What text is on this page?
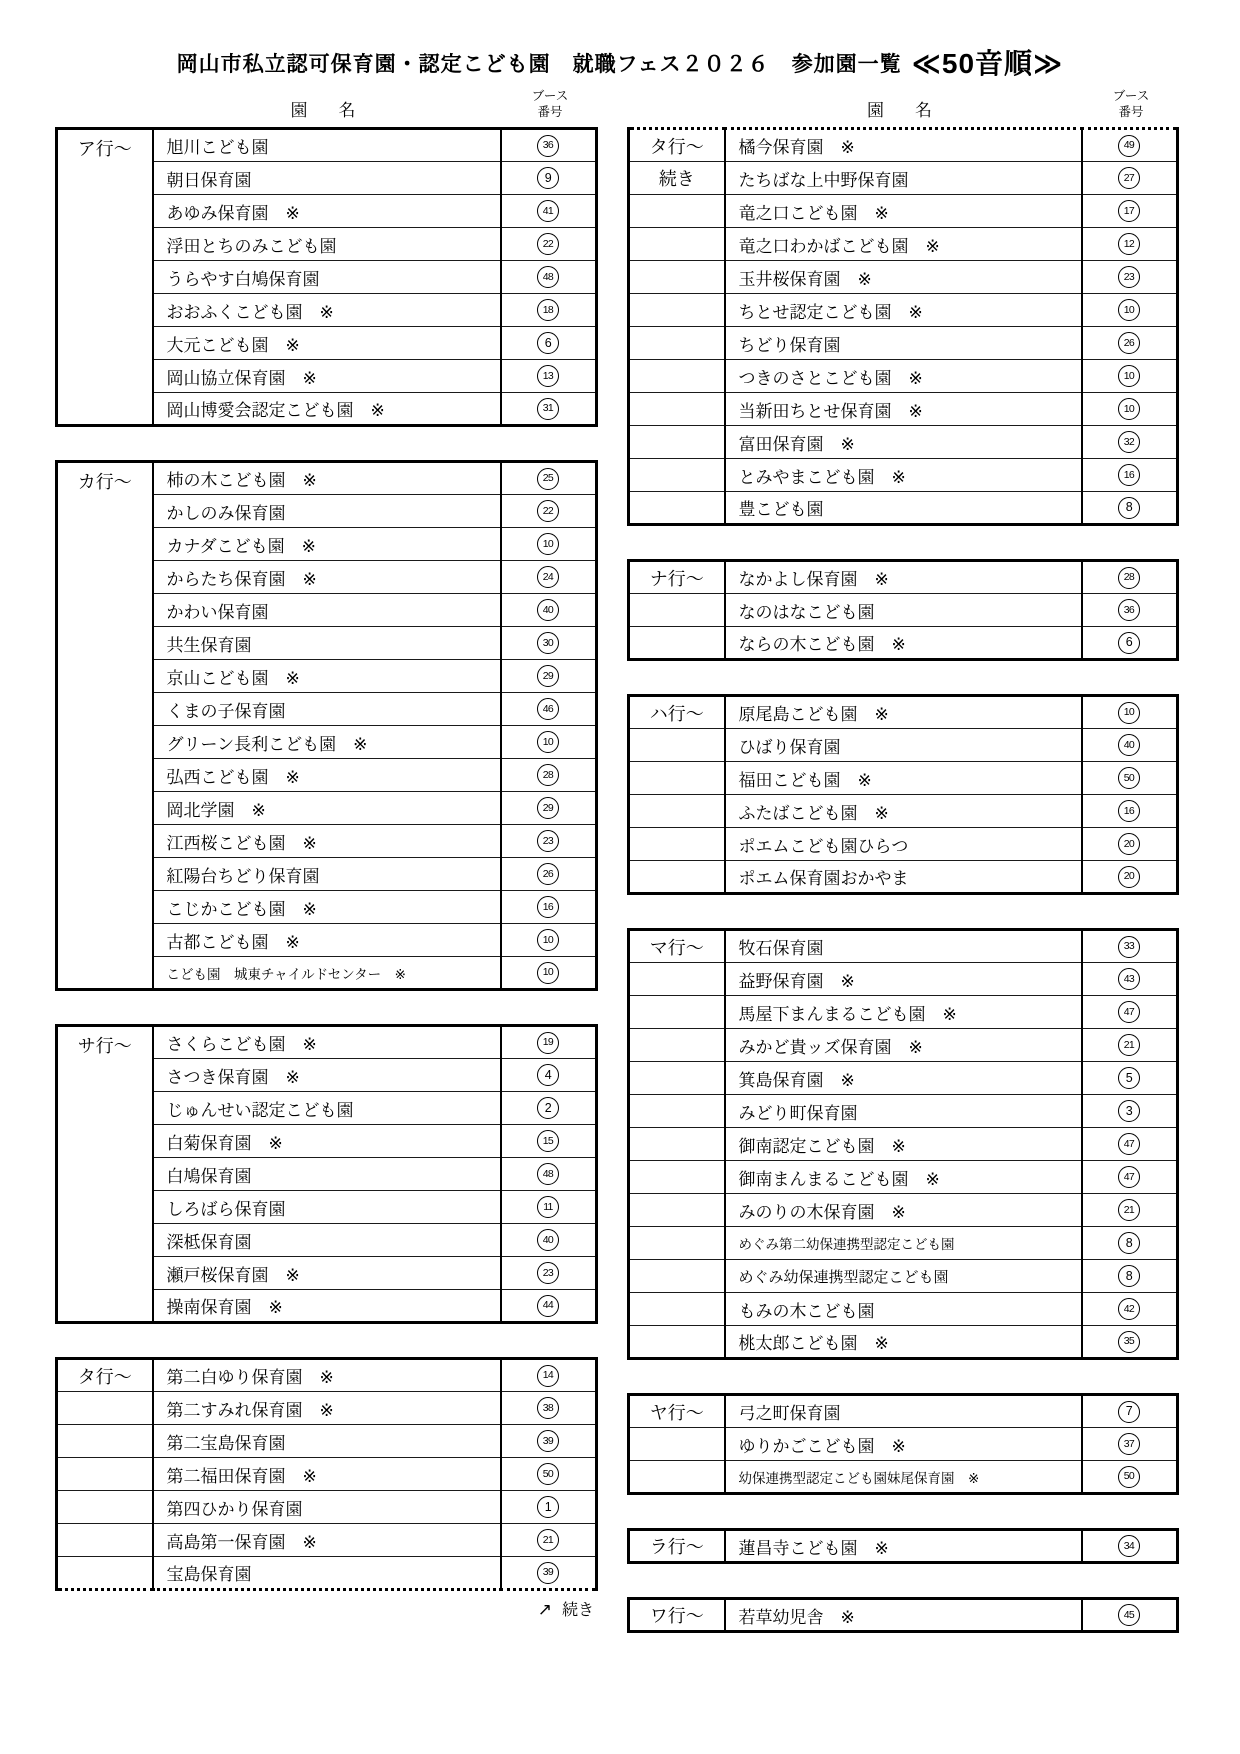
岡山市私立認可保育園・認定こども園　就職フェス２０２６　参加園一覧 ≪50音順≫
園　名
ブース
番号
ア行～	旭川こども園	36
	朝日保育園	9
	あゆみ保育園　※	41
	浮田とちのみこども園	22
	うらやす白鳩保育園	48
	おおふくこども園　※	18
	大元こども園　※	6
	岡山協立保育園　※	13
	岡山博愛会認定こども園　※	31
カ行～	柿の木こども園　※	25
	かしのみ保育園	22
	カナダこども園　※	10
	からたち保育園　※	24
	かわい保育園	40
	共生保育園	30
	京山こども園　※	29
	くまの子保育園	46
	グリーン長利こども園　※	10
	弘西こども園　※	28
	岡北学園　※	29
	江西桜こども園　※	23
	紅陽台ちどり保育園	26
	こじかこども園　※	16
	古都こども園　※	10
	こども園　城東チャイルドセンター　※	10
サ行～	さくらこども園　※	19
	さつき保育園　※	4
	じゅんせい認定こども園	2
	白菊保育園　※	15
	白鳩保育園	48
	しろばら保育園	11
	深柢保育園	40
	瀬戸桜保育園　※	23
	操南保育園　※	44
タ行～	第二白ゆり保育園　※	14
	第二すみれ保育園　※	38
	第二宝島保育園	39
	第二福田保育園　※	50
	第四ひかり保育園	1
	高島第一保育園　※	21
	宝島保育園	39
↗ 続き
園　名
ブース
番号
タ行～	橘今保育園　※	49
続き	たちばな上中野保育園	27
	竜之口こども園　※	17
	竜之口わかばこども園　※	12
	玉井桜保育園　※	23
	ちとせ認定こども園　※	10
	ちどり保育園	26
	つきのさとこども園　※	10
	当新田ちとせ保育園　※	10
	富田保育園　※	32
	とみやまこども園　※	16
	豊こども園	8
ナ行～	なかよし保育園　※	28
	なのはなこども園	36
	ならの木こども園　※	6
ハ行～	原尾島こども園　※	10
	ひばり保育園	40
	福田こども園　※	50
	ふたばこども園　※	16
	ポエムこども園ひらつ	20
	ポエム保育園おかやま	20
マ行～	牧石保育園	33
	益野保育園　※	43
	馬屋下まんまるこども園　※	47
	みかど貴ッズ保育園　※	21
	箕島保育園　※	5
	みどり町保育園	3
	御南認定こども園　※	47
	御南まんまるこども園　※	47
	みのりの木保育園　※	21
	めぐみ第二幼保連携型認定こども園	8
	めぐみ幼保連携型認定こども園	8
	もみの木こども園	42
	桃太郎こども園　※	35
ヤ行～	弓之町保育園	7
	ゆりかごこども園　※	37
	幼保連携型認定こども園妹尾保育園　※	50
ラ行～	蓮昌寺こども園　※	34
ワ行～	若草幼児舎　※	45
